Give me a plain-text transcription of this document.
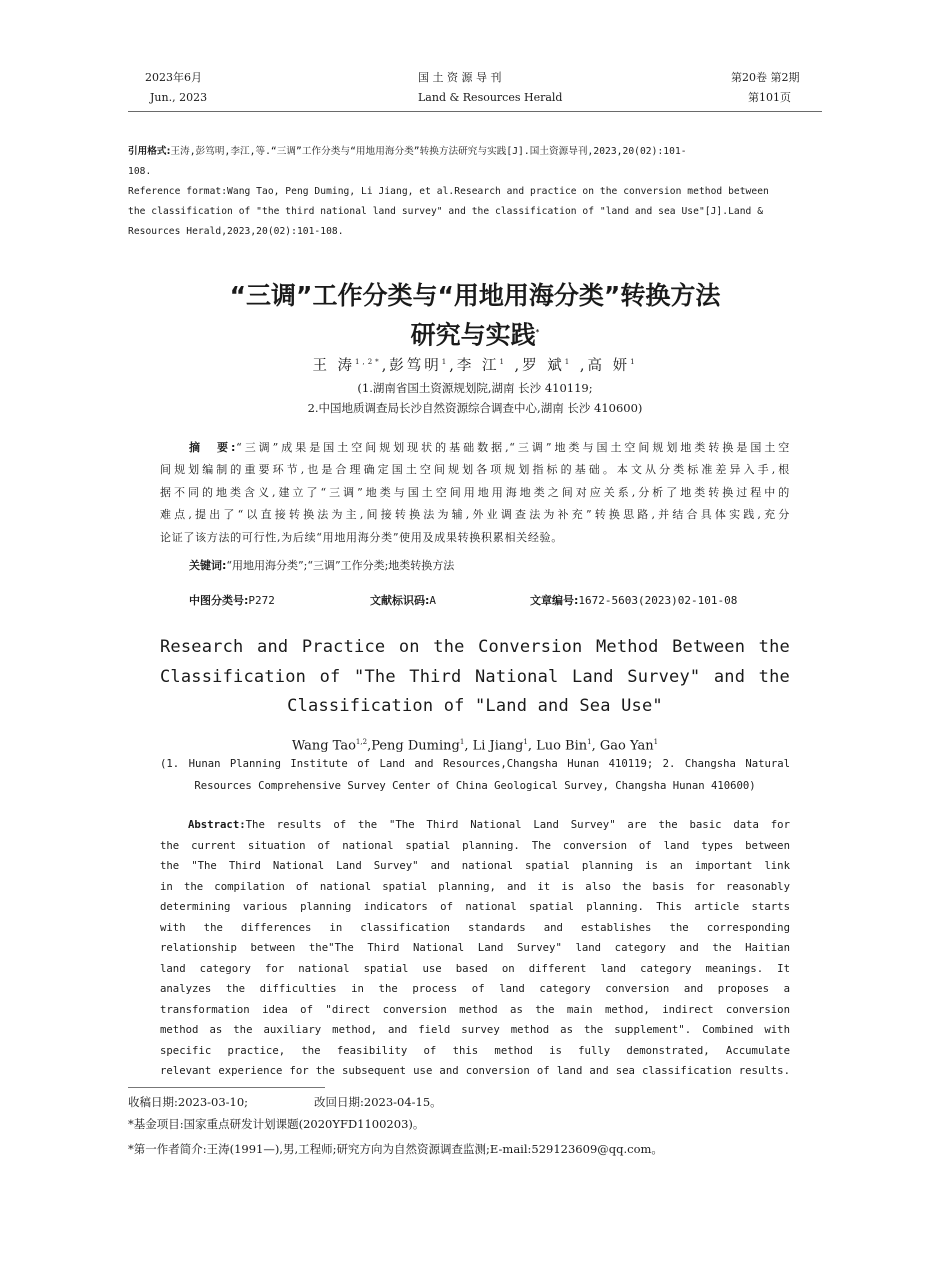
2023年6月
Jun., 2023
国 土 资 源 导 刊
Land & Resources Herald
第20卷 第2期
第101页
引用格式:王涛,彭笃明,李江,等.“三调”工作分类与“用地用海分类”转换方法研究与实践[J].国土资源导刊,2023,20(02):101-
108.
Reference format:Wang Tao, Peng Duming, Li Jiang, et al.Research and practice on the conversion method between
the classification of "the third national land survey" and the classification of "land and sea Use"[J].Land &
Resources Herald,2023,20(02):101-108.
“三调”工作分类与“用地用海分类”转换方法
研究与实践*
王 涛$^{1,2*}$,彭笃明$^1$,李 江$^1$ ,罗 斌$^1$ ,高 妍$^1$
(1.湖南省国土资源规划院,湖南 长沙 410119;
2.中国地质调查局长沙自然资源综合调查中心,湖南 长沙 410600)
摘　要:“三调”成果是国土空间规划现状的基础数据,“三调”地类与国土空间规划地类转换是国土空
间规划编制的重要环节,也是合理确定国土空间规划各项规划指标的基础。本文从分类标准差异入手,根
据不同的地类含义,建立了“三调”地类与国土空间用地用海地类之间对应关系,分析了地类转换过程中的
难点,提出了“以直接转换法为主,间接转换法为辅,外业调查法为补充”转换思路,并结合具体实践,充分
论证了该方法的可行性,为后续“用地用海分类”使用及成果转换积累相关经验。
关键词:“用地用海分类”;“三调”工作分类;地类转换方法
中图分类号:P272	文献标识码:A	文章编号:1672-5603(2023)02-101-08
Research and Practice on the Conversion Method Between the
Classification of "The Third National Land Survey" and the
Classification of "Land and Sea Use"
Wang Tao$^{1,2}$,Peng Duming$^1$, Li Jiang$^1$, Luo Bin$^1$, Gao Yan$^1$
(1. Hunan Planning Institute of Land and Resources,Changsha Hunan 410119; 2. Changsha Natural
Resources Comprehensive Survey Center of China Geological Survey, Changsha Hunan 410600)
Abstract:The results of the "The Third National Land Survey" are the basic data for
the current situation of national spatial planning. The conversion of land types between
the "The Third National Land Survey" and national spatial planning is an important link
in the compilation of national spatial planning, and it is also the basis for reasonably
determining various planning indicators of national spatial planning. This article starts
with the differences in classification standards and establishes the corresponding
relationship between the"The Third National Land Survey" land category and the Haitian
land category for national spatial use based on different land category meanings. It
analyzes the difficulties in the process of land category conversion and proposes a
transformation idea of "direct conversion method as the main method, indirect conversion
method as the auxiliary method, and field survey method as the supplement". Combined with
specific practice, the feasibility of this method is fully demonstrated, Accumulate
relevant experience for the subsequent use and conversion of land and sea classification results.
收稿日期:2023-03-10;	改回日期:2023-04-15。
*基金项目:国家重点研发计划课题(2020YFD1100203)。
*第一作者简介:王涛(1991—),男,工程师;研究方向为自然资源调查监测;E-mail:529123609@qq.com。
